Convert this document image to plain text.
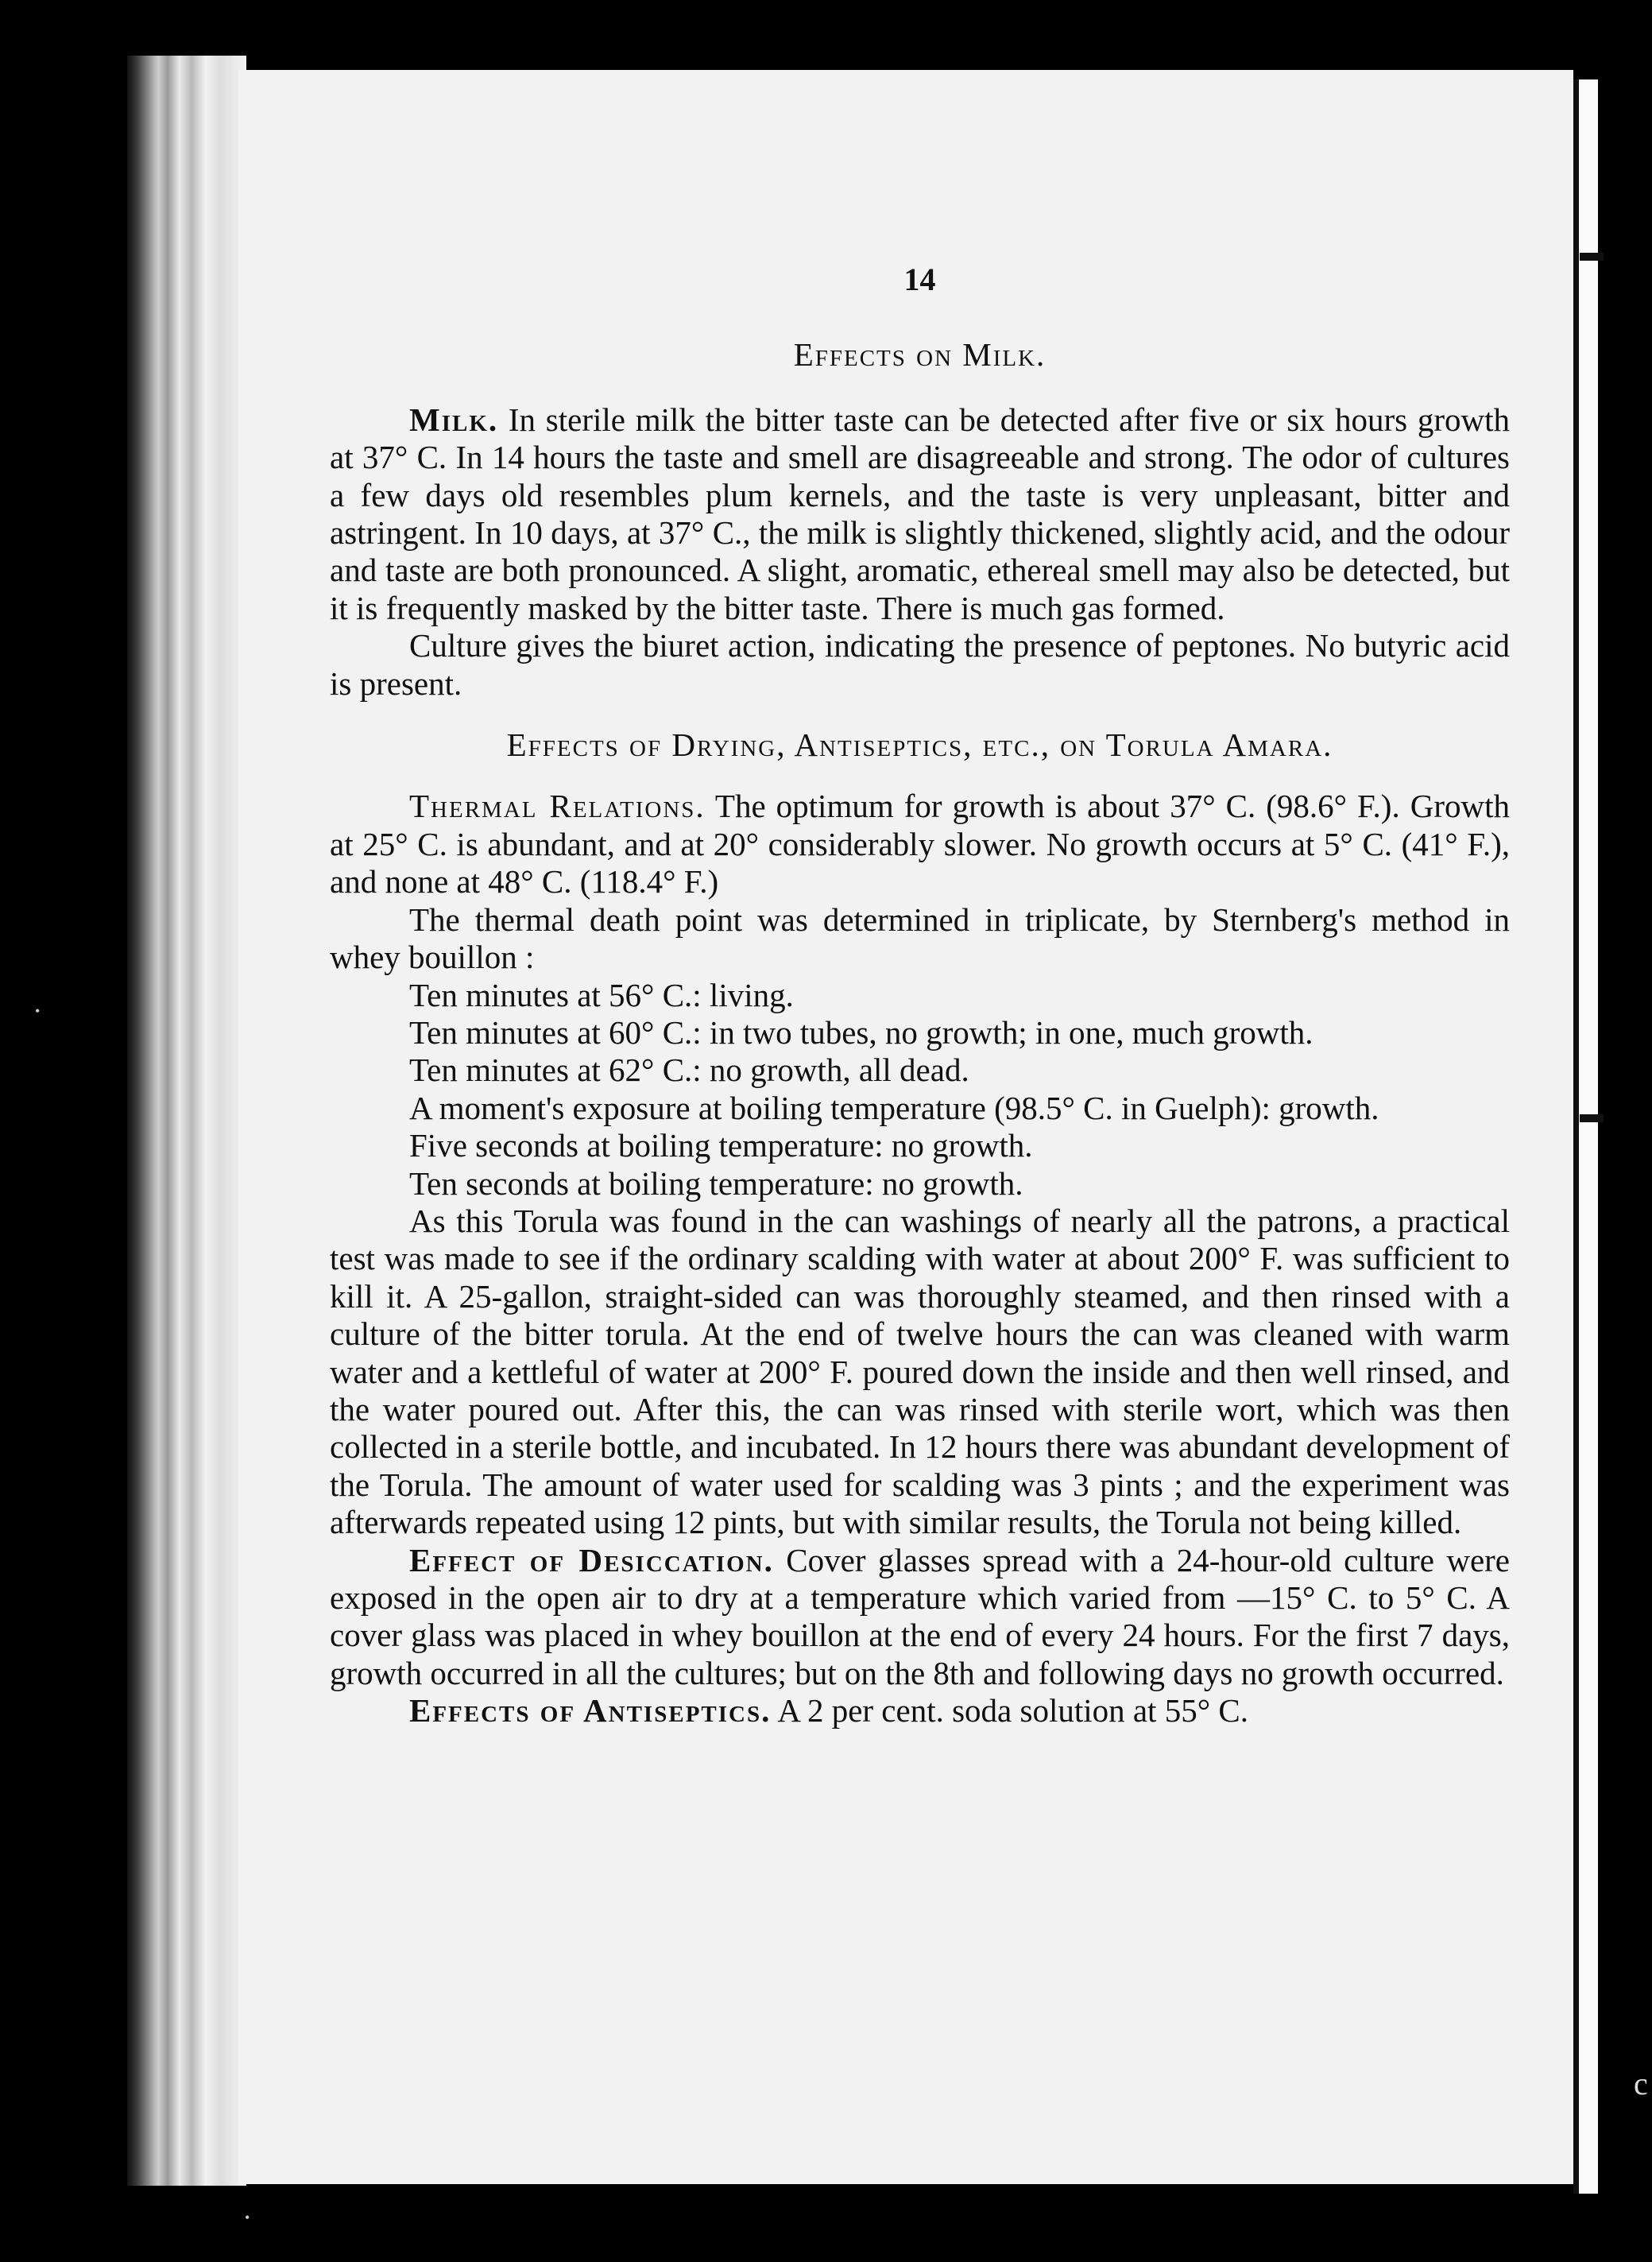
c
•
•
14
Effects on Milk.

Milk. In sterile milk the bitter taste can be detected after five or six hours growth at 37° C. In 14 hours the taste and smell are disagreeable and strong. The odor of cultures a few days old resembles plum kernels, and the taste is very unpleasant, bitter and astringent. In 10 days, at 37° C., the milk is slightly thickened, slightly acid, and the odour and taste are both pronounced. A slight, aromatic, ethereal smell may also be detected, but it is frequently masked by the bitter taste. There is much gas formed.

Culture gives the biuret action, indicating the presence of peptones. No butyric acid is present.

Effects of Drying, Antiseptics, etc., on Torula Amara.

Thermal Relations. The optimum for growth is about 37° C. (98.6° F.). Growth at 25° C. is abundant, and at 20° considerably slower. No growth occurs at 5° C. (41° F.), and none at 48° C. (118.4° F.)

The thermal death point was determined in triplicate, by Sternberg's method in whey bouillon :

Ten minutes at 56° C.: living.

Ten minutes at 60° C.: in two tubes, no growth; in one, much growth.

Ten minutes at 62° C.: no growth, all dead.

A moment's exposure at boiling temperature (98.5° C. in Guelph): growth.

Five seconds at boiling temperature: no growth.

Ten seconds at boiling temperature: no growth.

As this Torula was found in the can washings of nearly all the patrons, a practical test was made to see if the ordinary scalding with water at about 200° F. was sufficient to kill it. A 25-gallon, straight-sided can was thoroughly steamed, and then rinsed with a culture of the bitter torula. At the end of twelve hours the can was cleaned with warm water and a kettleful of water at 200° F. poured down the inside and then well rinsed, and the water poured out. After this, the can was rinsed with sterile wort, which was then collected in a sterile bottle, and incubated. In 12 hours there was abundant development of the Torula. The amount of water used for scalding was 3 pints ; and the experiment was afterwards repeated using 12 pints, but with similar results, the Torula not being killed.

Effect of Desiccation. Cover glasses spread with a 24-hour-old culture were exposed in the open air to dry at a temperature which varied from —15° C. to 5° C. A cover glass was placed in whey bouillon at the end of every 24 hours. For the first 7 days, growth occurred in all the cultures; but on the 8th and following days no growth occurred.

Effects of Antiseptics. A 2 per cent. soda solution at 55° C.
